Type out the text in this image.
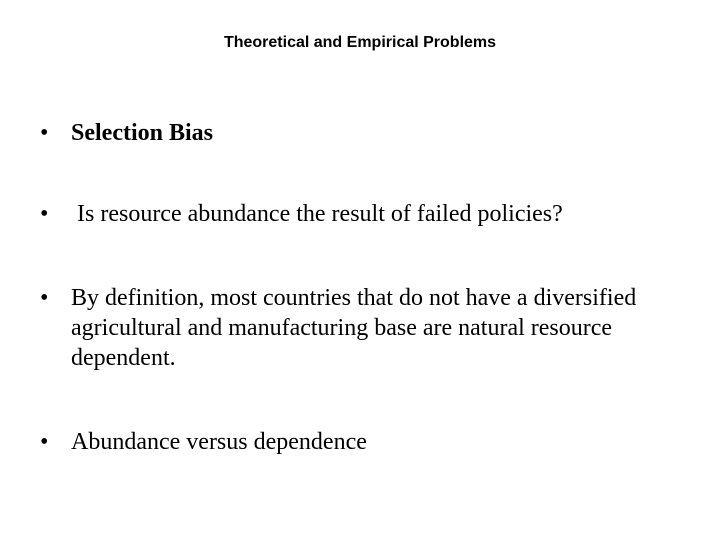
Theoretical and Empirical Problems
• Selection Bias
• Is resource abundance the result of failed policies?
• By definition, most countries that do not have a diversified agricultural and manufacturing base are natural resource dependent.
• Abundance versus dependence
